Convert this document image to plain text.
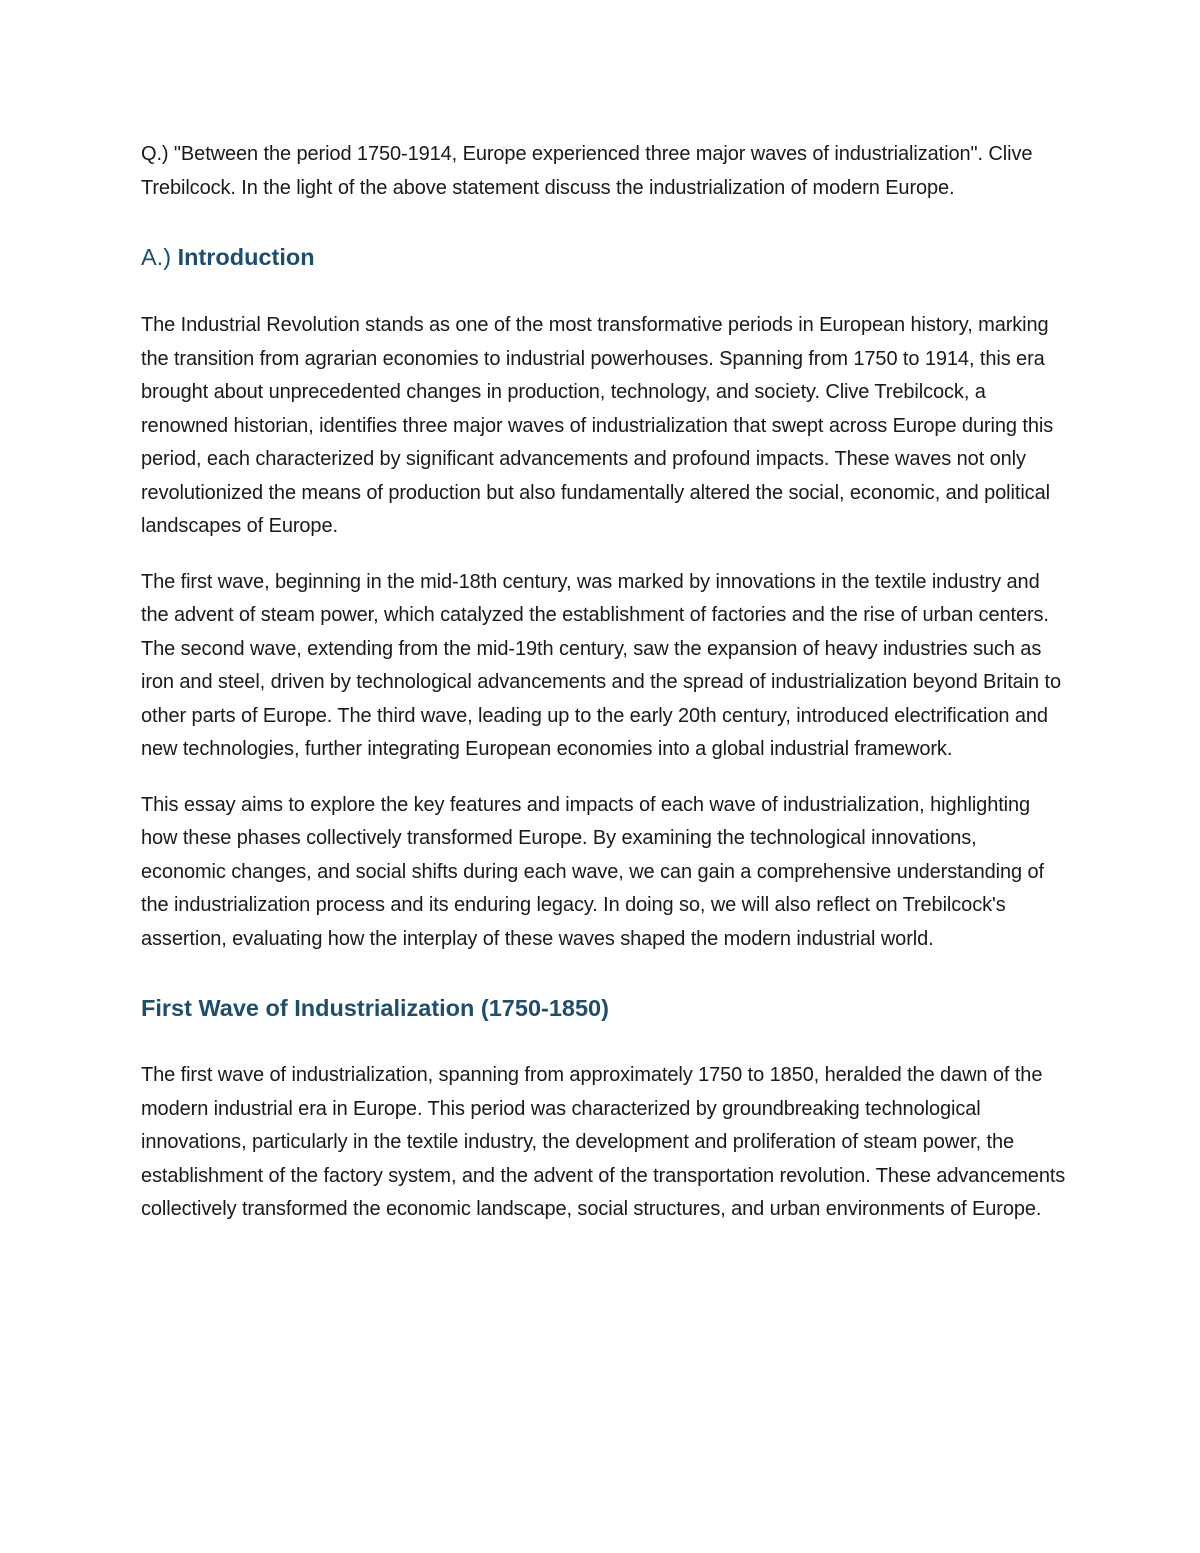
Q.) "Between the period 1750-1914, Europe experienced three major waves of industrialization". Clive Trebilcock. In the light of the above statement discuss the industrialization of modern Europe.

A.) Introduction

The Industrial Revolution stands as one of the most transformative periods in European history, marking the transition from agrarian economies to industrial powerhouses. Spanning from 1750 to 1914, this era brought about unprecedented changes in production, technology, and society. Clive Trebilcock, a renowned historian, identifies three major waves of industrialization that swept across Europe during this period, each characterized by significant advancements and profound impacts. These waves not only revolutionized the means of production but also fundamentally altered the social, economic, and political landscapes of Europe.

The first wave, beginning in the mid-18th century, was marked by innovations in the textile industry and the advent of steam power, which catalyzed the establishment of factories and the rise of urban centers. The second wave, extending from the mid-19th century, saw the expansion of heavy industries such as iron and steel, driven by technological advancements and the spread of industrialization beyond Britain to other parts of Europe. The third wave, leading up to the early 20th century, introduced electrification and new technologies, further integrating European economies into a global industrial framework.

This essay aims to explore the key features and impacts of each wave of industrialization, highlighting how these phases collectively transformed Europe. By examining the technological innovations, economic changes, and social shifts during each wave, we can gain a comprehensive understanding of the industrialization process and its enduring legacy. In doing so, we will also reflect on Trebilcock's assertion, evaluating how the interplay of these waves shaped the modern industrial world.

First Wave of Industrialization (1750-1850)

The first wave of industrialization, spanning from approximately 1750 to 1850, heralded the dawn of the modern industrial era in Europe. This period was characterized by groundbreaking technological innovations, particularly in the textile industry, the development and proliferation of steam power, the establishment of the factory system, and the advent of the transportation revolution. These advancements collectively transformed the economic landscape, social structures, and urban environments of Europe.
